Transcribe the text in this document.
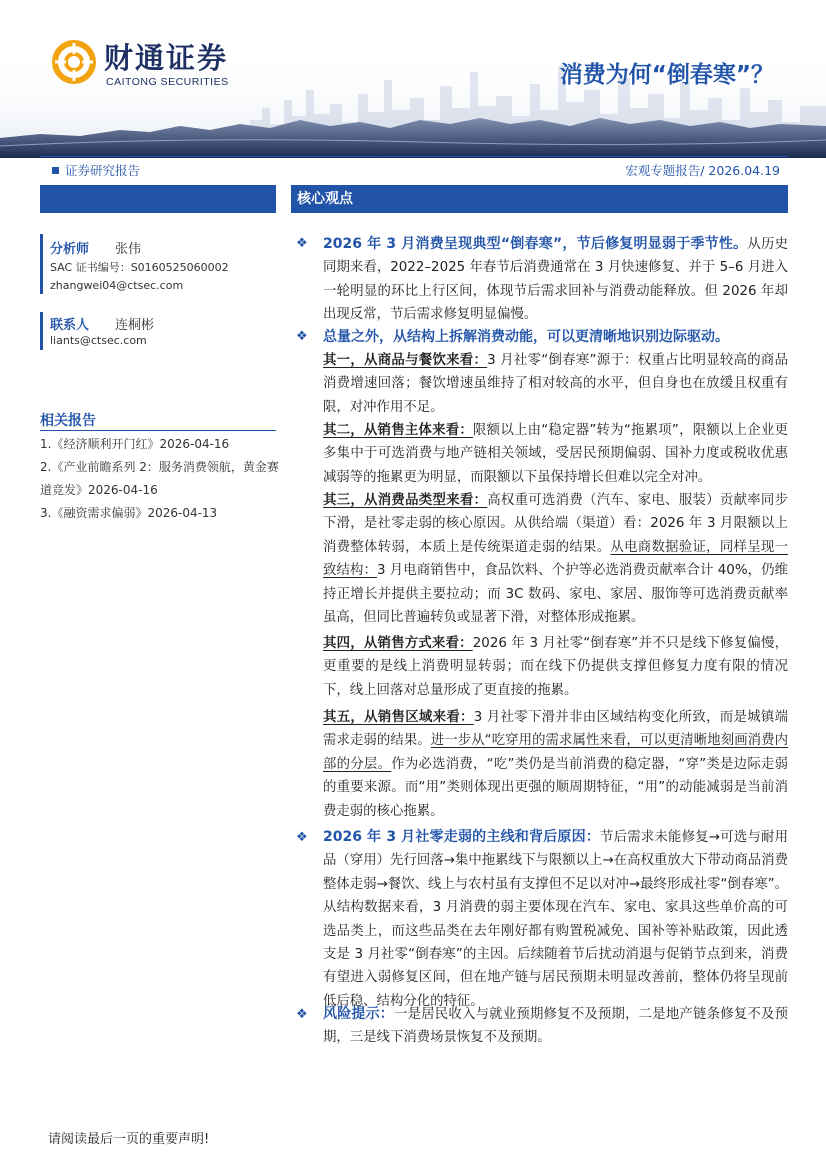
财通证券
CAITONG SECURITIES	消费为何“倒春寒”？
证券研究报告	宏观专题报告/ 2026.04.19
分析师 张伟
SAC 证书编号：S0160525060002
zhangwei04@ctsec.com
联系人 连桐彬
liants@ctsec.com
相关报告
1.《经济顺利开门红》2026-04-16
2.《产业前瞻系列 2：服务消费领航，黄金赛道竞发》2026-04-16
3.《融资需求偏弱》2026-04-13
核心观点
❖ 2026 年 3 月消费呈现典型“倒春寒”，节后修复明显弱于季节性。从历史同期来看，2022–2025 年春节后消费通常在 3 月快速修复、并于 5–6 月进入一轮明显的环比上行区间，体现节后需求回补与消费动能释放。但 2026 年却出现反常，节后需求修复明显偏慢。
❖ 总量之外，从结构上拆解消费动能，可以更清晰地识别边际驱动。
其一，从商品与餐饮来看：3 月社零“倒春寒”源于：权重占比明显较高的商品消费增速回落；餐饮增速虽维持了相对较高的水平，但自身也在放缓且权重有限，对冲作用不足。
其二，从销售主体来看：限额以上由“稳定器”转为“拖累项”，限额以上企业更多集中于可选消费与地产链相关领域，受居民预期偏弱、国补力度或税收优惠减弱等的拖累更为明显，而限额以下虽保持增长但难以完全对冲。
其三，从消费品类型来看：高权重可选消费（汽车、家电、服装）贡献率同步下滑，是社零走弱的核心原因。从供给端（渠道）看：2026 年 3 月限额以上消费整体转弱，本质上是传统渠道走弱的结果。从电商数据验证，同样呈现一致结构：3 月电商销售中，食品饮料、个护等必选消费贡献率合计 40%，仍维持正增长并提供主要拉动；而 3C 数码、家电、家居、服饰等可选消费贡献率虽高，但同比普遍转负或显著下滑，对整体形成拖累。
其四，从销售方式来看：2026 年 3 月社零“倒春寒”并不只是线下修复偏慢，更重要的是线上消费明显转弱；而在线下仍提供支撑但修复力度有限的情况下，线上回落对总量形成了更直接的拖累。
其五，从销售区域来看：3 月社零下滑并非由区域结构变化所致，而是城镇端需求走弱的结果。进一步从“吃穿用的需求属性来看，可以更清晰地刻画消费内部的分层。作为必选消费，“吃”类仍是当前消费的稳定器，“穿”类是边际走弱的重要来源。而“用”类则体现出更强的顺周期特征，“用”的动能减弱是当前消费走弱的核心拖累。
❖ 2026 年 3 月社零走弱的主线和背后原因：节后需求未能修复→可选与耐用品（穿用）先行回落→集中拖累线下与限额以上→在高权重放大下带动商品消费整体走弱→餐饮、线上与农村虽有支撑但不足以对冲→最终形成社零“倒春寒”。从结构数据来看，3 月消费的弱主要体现在汽车、家电、家具这些单价高的可选品类上，而这些品类在去年刚好都有购置税减免、国补等补贴政策，因此透支是 3 月社零“倒春寒”的主因。后续随着节后扰动消退与促销节点到来，消费有望进入弱修复区间，但在地产链与居民预期未明显改善前，整体仍将呈现前低后稳、结构分化的特征。
❖ 风险提示：一是居民收入与就业预期修复不及预期，二是地产链条修复不及预期，三是线下消费场景恢复不及预期。
请阅读最后一页的重要声明!
